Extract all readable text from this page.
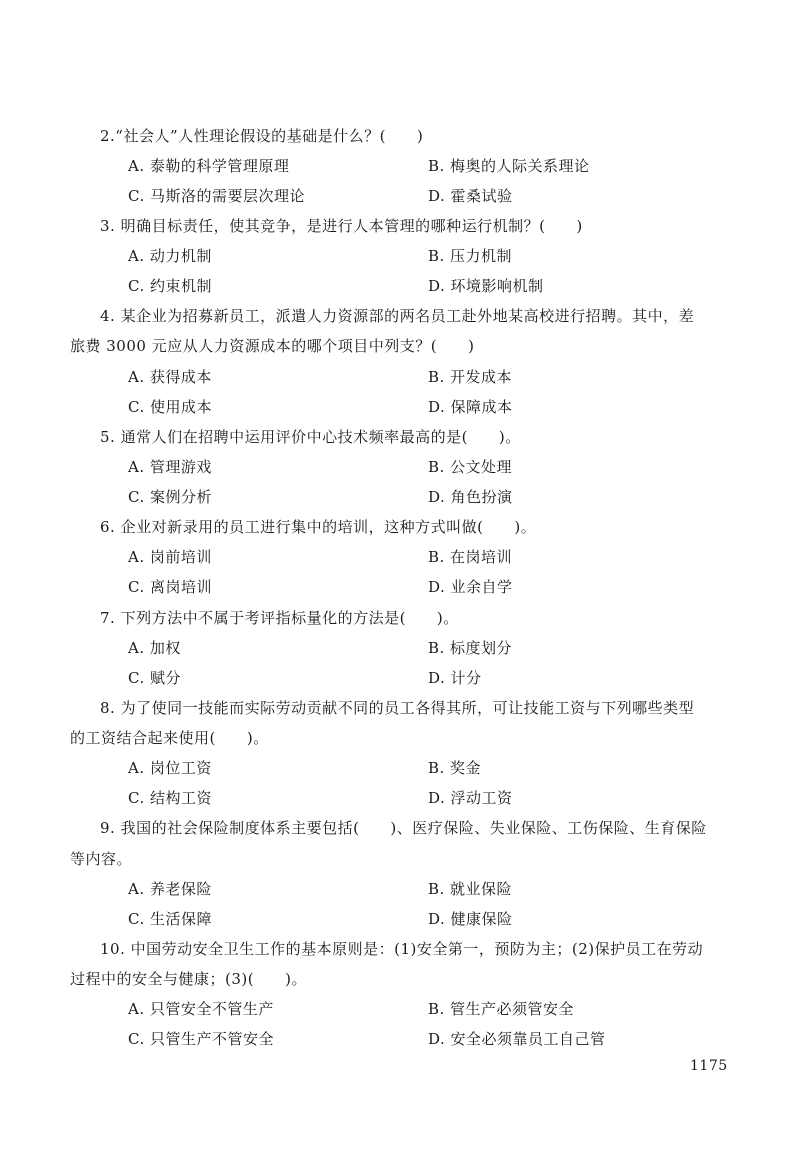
2.“社会人”人性理论假设的基础是什么？(　　)
A. 泰勒的科学管理原理	B. 梅奥的人际关系理论
C. 马斯洛的需要层次理论	D. 霍桑试验
3. 明确目标责任，使其竞争，是进行人本管理的哪种运行机制？(　　)
A. 动力机制	B. 压力机制
C. 约束机制	D. 环境影响机制
4. 某企业为招募新员工，派遣人力资源部的两名员工赴外地某高校进行招聘。其中，差
旅费 3000 元应从人力资源成本的哪个项目中列支？(　　)
A. 获得成本	B. 开发成本
C. 使用成本	D. 保障成本
5. 通常人们在招聘中运用评价中心技术频率最高的是(　　)。
A. 管理游戏	B. 公文处理
C. 案例分析	D. 角色扮演
6. 企业对新录用的员工进行集中的培训，这种方式叫做(　　)。
A. 岗前培训	B. 在岗培训
C. 离岗培训	D. 业余自学
7. 下列方法中不属于考评指标量化的方法是(　　)。
A. 加权	B. 标度划分
C. 赋分	D. 计分
8. 为了使同一技能而实际劳动贡献不同的员工各得其所，可让技能工资与下列哪些类型
的工资结合起来使用(　　)。
A. 岗位工资	B. 奖金
C. 结构工资	D. 浮动工资
9. 我国的社会保险制度体系主要包括(　　)、医疗保险、失业保险、工伤保险、生育保险
等内容。
A. 养老保险	B. 就业保险
C. 生活保障	D. 健康保险
10. 中国劳动安全卫生工作的基本原则是：(1)安全第一，预防为主；(2)保护员工在劳动
过程中的安全与健康；(3)(　　)。
A. 只管安全不管生产	B. 管生产必须管安全
C. 只管生产不管安全	D. 安全必须靠员工自己管
1175
